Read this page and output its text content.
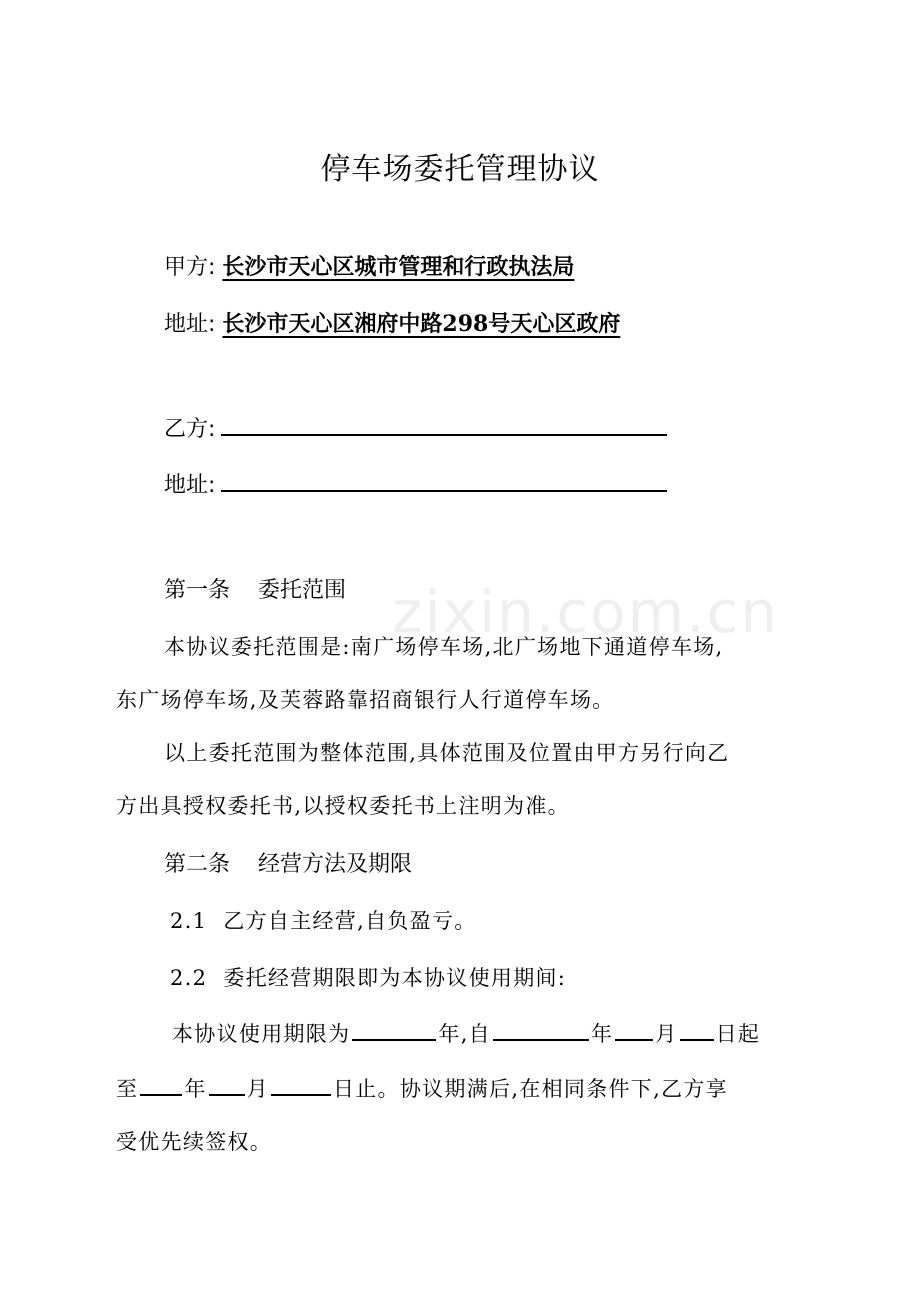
zixin.com.cn
停车场委托管理协议
甲方: 长沙市天心区城市管理和行政执法局
地址: 长沙市天心区湘府中路298号天心区政府
乙方:
地址:
第一条 委托范围
本协议委托范围是:南广场停车场,北广场地下通道停车场,
东广场停车场,及芙蓉路靠招商银行人行道停车场。
以上委托范围为整体范围,具体范围及位置由甲方另行向乙
方出具授权委托书,以授权委托书上注明为准。
第二条 经营方法及期限
2.1 乙方自主经营,自负盈亏。
2.2 委托经营期限即为本协议使用期间:
本协议使用期限为	年,自	年 月 日起
至 年 月	日止。协议期满后,在相同条件下,乙方享
受优先续签权。
